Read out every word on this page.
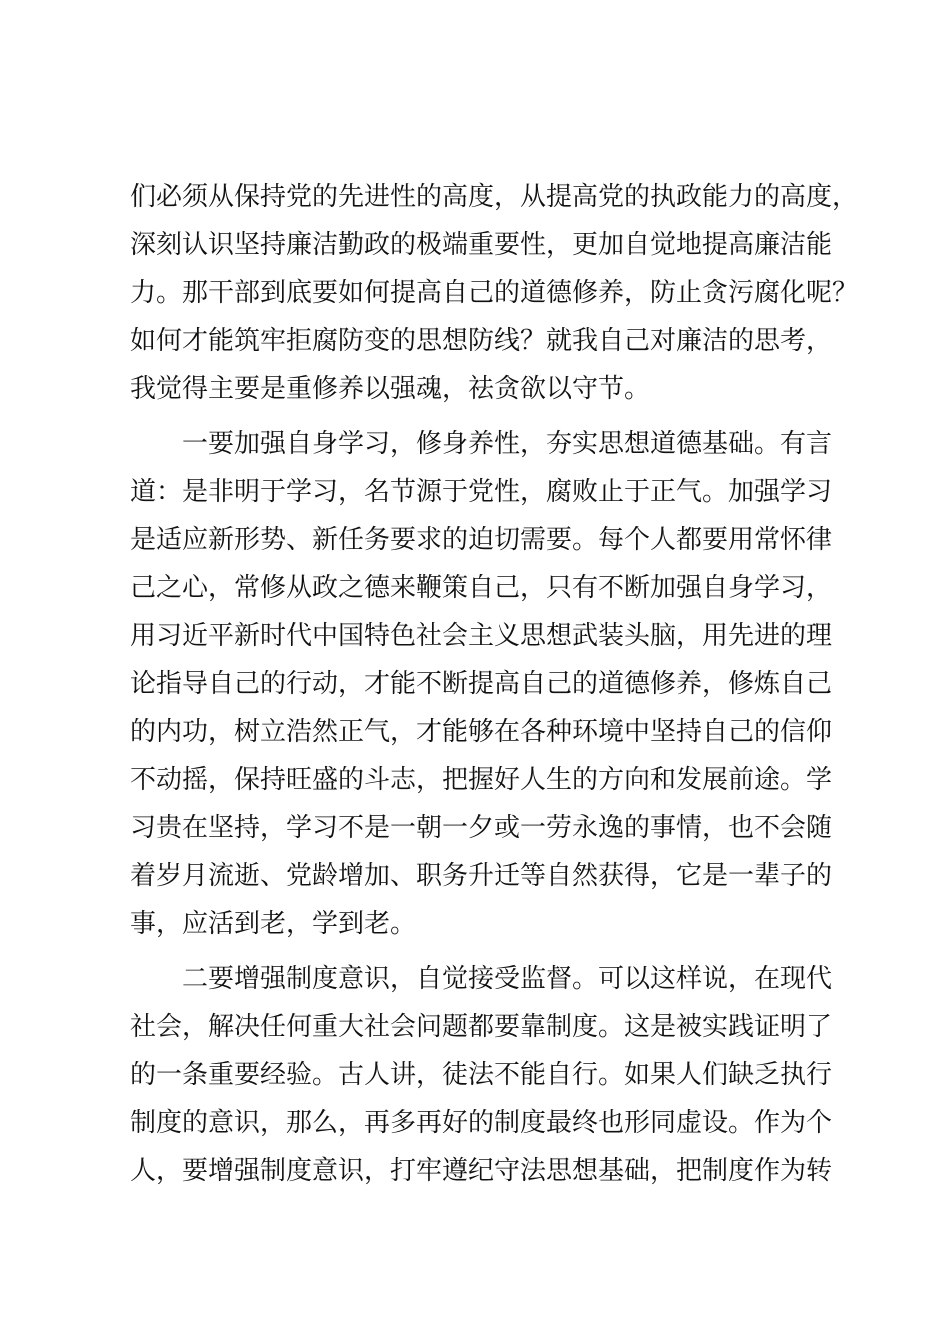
们必须从保持党的先进性的高度，从提高党的执政能力的高度，
深刻认识坚持廉洁勤政的极端重要性，更加自觉地提高廉洁能
力。那干部到底要如何提高自己的道德修养，防止贪污腐化呢？
如何才能筑牢拒腐防变的思想防线？就我自己对廉洁的思考，
我觉得主要是重修养以强魂，祛贪欲以守节。
　　一要加强自身学习，修身养性，夯实思想道德基础。有言
道：是非明于学习，名节源于党性，腐败止于正气。加强学习
是适应新形势、新任务要求的迫切需要。每个人都要用常怀律
己之心，常修从政之德来鞭策自己，只有不断加强自身学习，
用习近平新时代中国特色社会主义思想武装头脑，用先进的理
论指导自己的行动，才能不断提高自己的道德修养，修炼自己
的内功，树立浩然正气，才能够在各种环境中坚持自己的信仰
不动摇，保持旺盛的斗志，把握好人生的方向和发展前途。学
习贵在坚持，学习不是一朝一夕或一劳永逸的事情，也不会随
着岁月流逝、党龄增加、职务升迁等自然获得，它是一辈子的
事，应活到老，学到老。
　　二要增强制度意识，自觉接受监督。可以这样说，在现代
社会，解决任何重大社会问题都要靠制度。这是被实践证明了
的一条重要经验。古人讲，徒法不能自行。如果人们缺乏执行
制度的意识，那么，再多再好的制度最终也形同虚设。作为个
人，要增强制度意识，打牢遵纪守法思想基础，把制度作为转
